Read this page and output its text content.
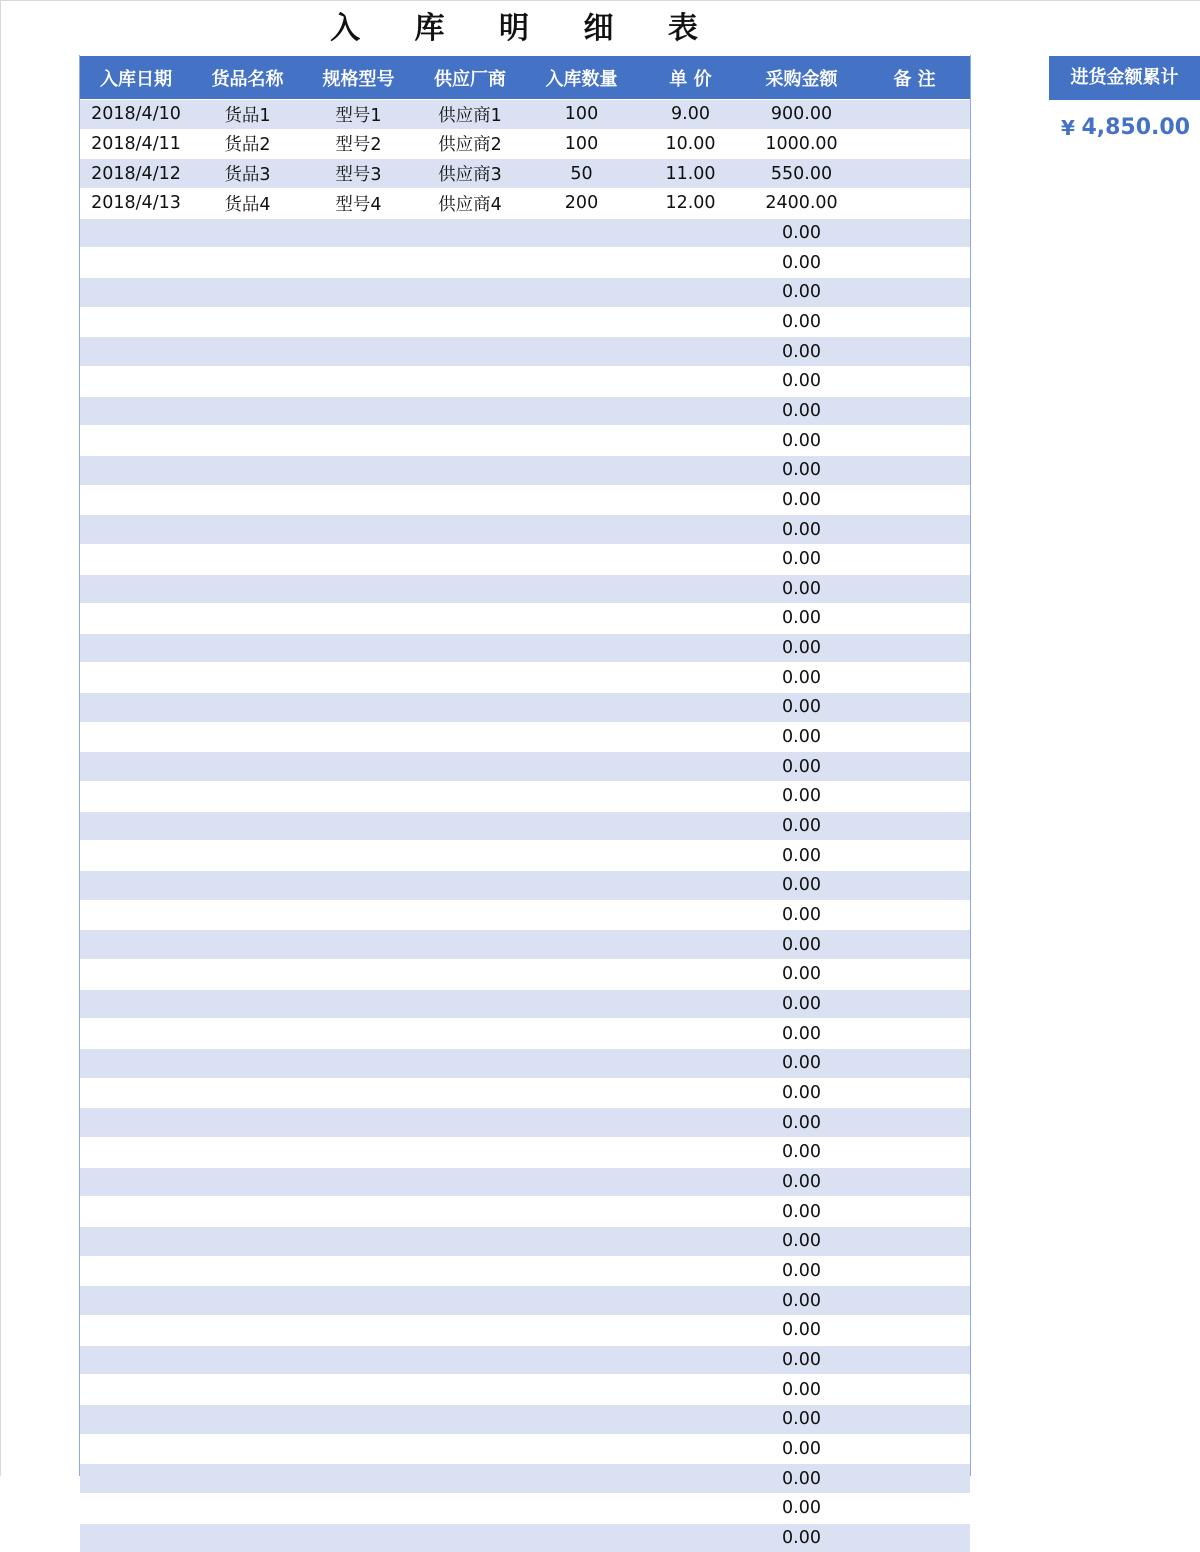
入 库 明 细 表
入库日期	货品名称	规格型号	供应厂商	入库数量	单 价	采购金额	备 注
2018/4/10	货品1	型号1	供应商1	100	9.00	900.00	
2018/4/11	货品2	型号2	供应商2	100	10.00	1000.00	
2018/4/12	货品3	型号3	供应商3	50	11.00	550.00	
2018/4/13	货品4	型号4	供应商4	200	12.00	2400.00	
						0.00	
						0.00	
						0.00	
						0.00	
						0.00	
						0.00	
						0.00	
						0.00	
						0.00	
						0.00	
						0.00	
						0.00	
						0.00	
						0.00	
						0.00	
						0.00	
						0.00	
						0.00	
						0.00	
						0.00	
						0.00	
						0.00	
						0.00	
						0.00	
						0.00	
						0.00	
						0.00	
						0.00	
						0.00	
						0.00	
						0.00	
						0.00	
						0.00	
						0.00	
						0.00	
						0.00	
						0.00	
						0.00	
						0.00	
						0.00	
						0.00	
						0.00	
						0.00	
						0.00	
						0.00	
进货金额累计
¥ 4,850.00
